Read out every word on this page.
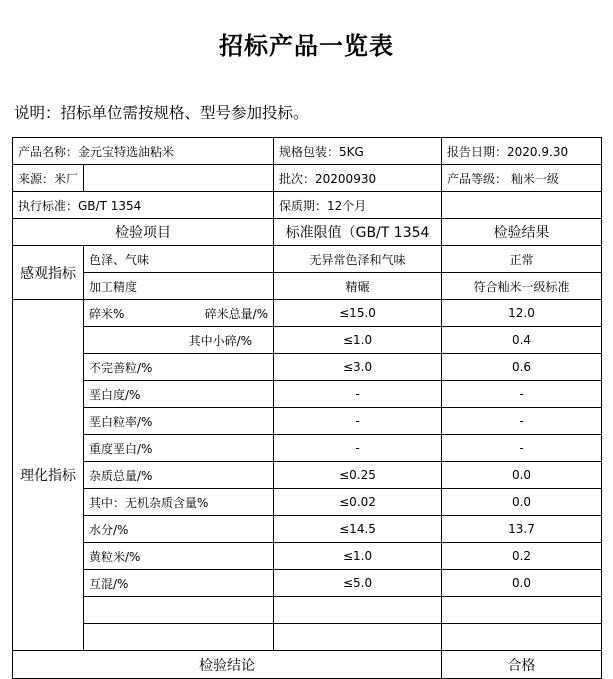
招标产品一览表
说明：招标单位需按规格、型号参加投标。
产品名称：金元宝特选油粘米		规格包装：5KG	报告日期：2020.9.30
来源：米厂		批次：20200930	产品等级： 籼米一级
执行标准：GB/T 1354		保质期：12个月	
检验项目		标准限值（GB/T 1354	检验结果
感观指标	色泽、气味	无异常色泽和气味	正常
	加工精度	精碾	符合籼米一级标准
理化指标	碎米% 碎米总量/%	≤15.0	12.0

	其中小碎/%	≤1.0	0.4
	不完善粒/%	≤3.0	0.6
	垩白度/%	-	-
	垩白粒率/%	-	-
	重度垩白/%	-	-
	杂质总量/%	≤0.25	0.0
	其中：无机杂质含量%	≤0.02	0.0
	水分/%	≤14.5	13.7
	黄粒米/%	≤1.0	0.2
	互混/%	≤5.0	0.0

检验结论			合格
